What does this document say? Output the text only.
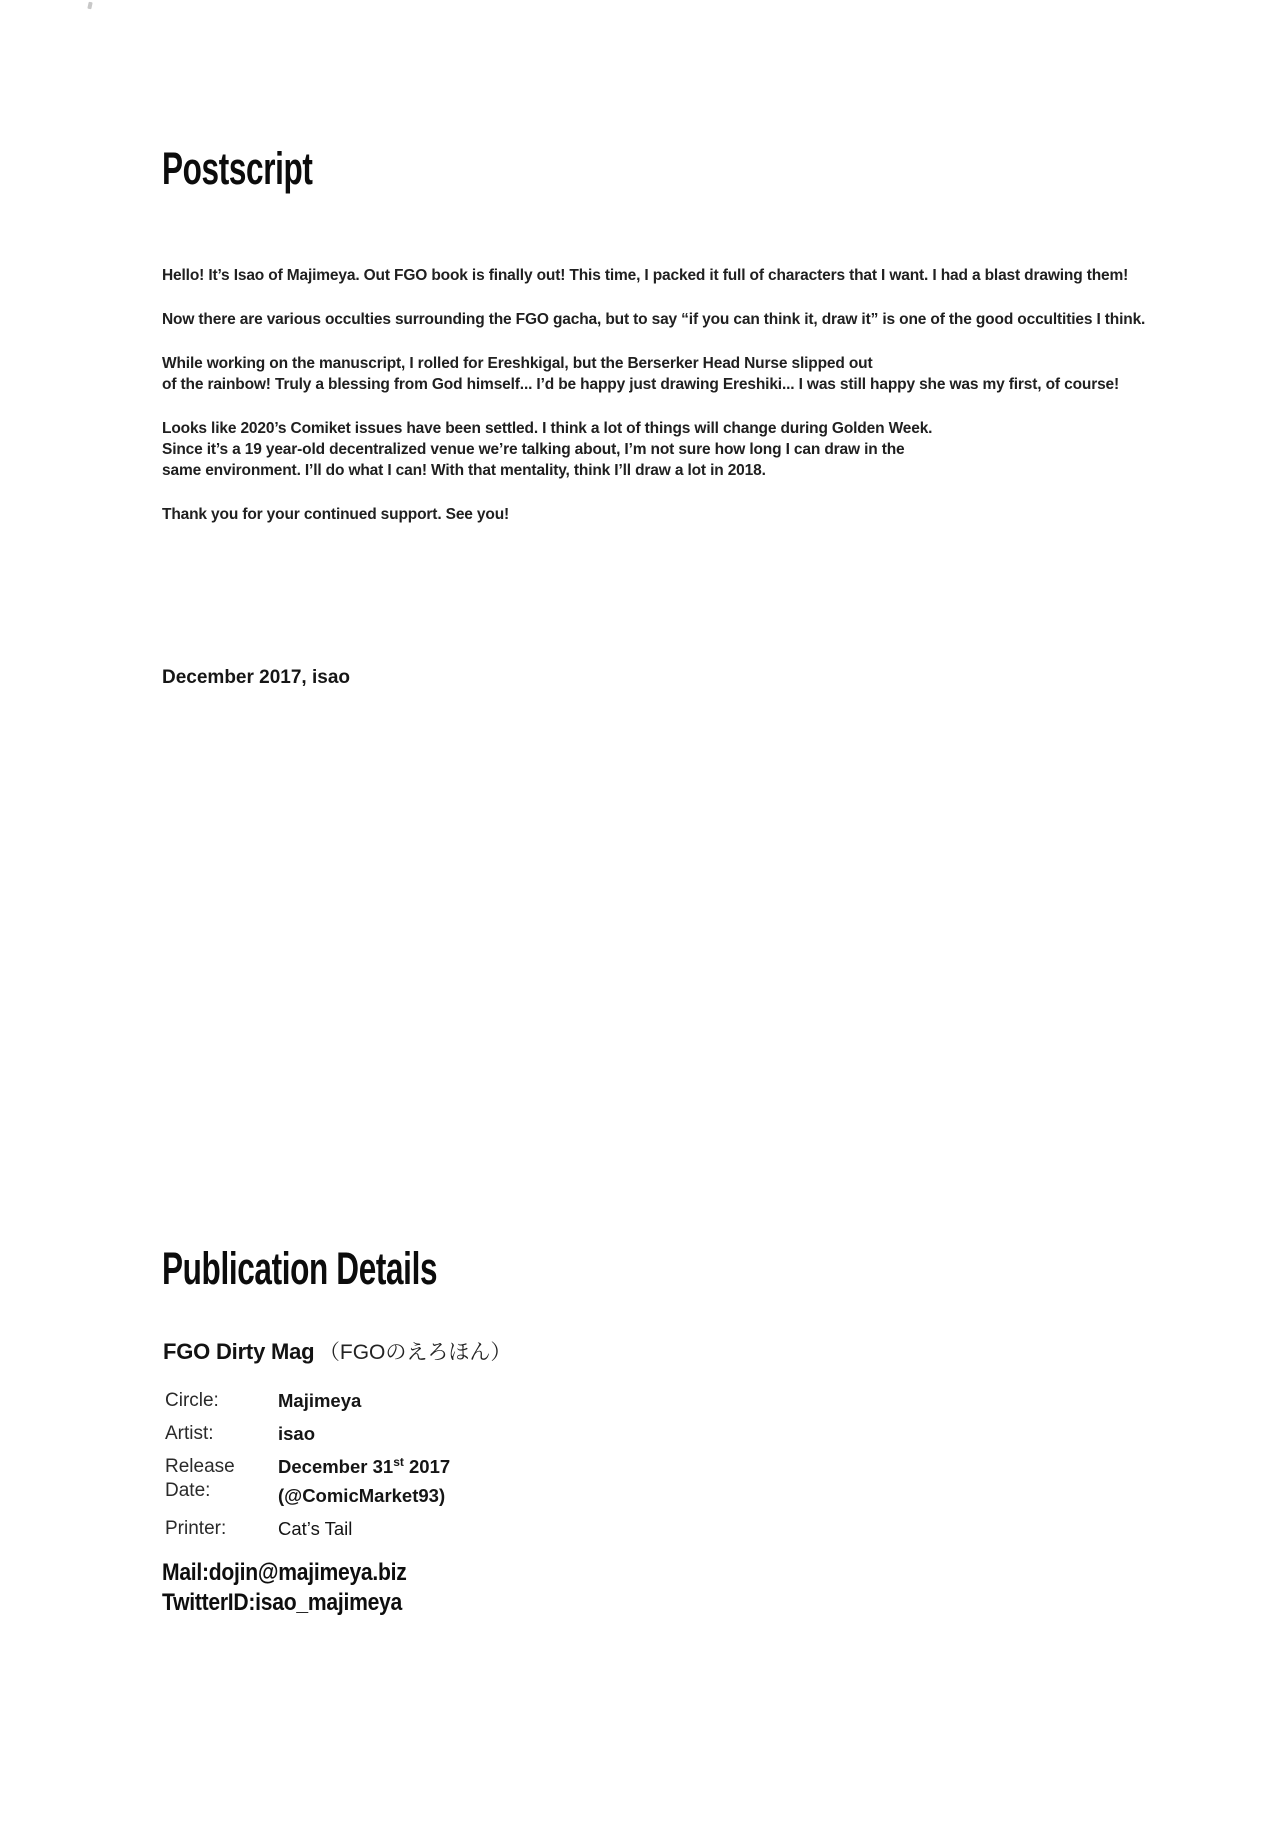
Postscript

Hello! It’s Isao of Majimeya. Out FGO book is finally out! This time, I packed it full of characters that I want. I had a blast drawing them!

Now there are various occulties surrounding the FGO gacha, but to say “if you can think it, draw it” is one of the good occultities I think.

While working on the manuscript, I rolled for Ereshkigal, but the Berserker Head Nurse slipped out of the rainbow! Truly a blessing from God himself... I’d be happy just drawing Ereshiki... I was still happy she was my first, of course!

Looks like 2020’s Comiket issues have been settled. I think a lot of things will change during Golden Week. Since it’s a 19 year-old decentralized venue we’re talking about, I’m not sure how long I can draw in the same environment. I’ll do what I can! With that mentality, think I’ll draw a lot in 2018.

Thank you for your continued support. See you!

December 2017, isao
Publication Details
FGO Dirty Mag （FGOのえろほん）
Circle:	Majimeya
Artist:	isao
Release Date:
December 31st 2017
(@ComicMarket93)
Printer:	Cat’s Tail
Mail:dojin@majimeya.biz
TwitterID:isao_majimeya
